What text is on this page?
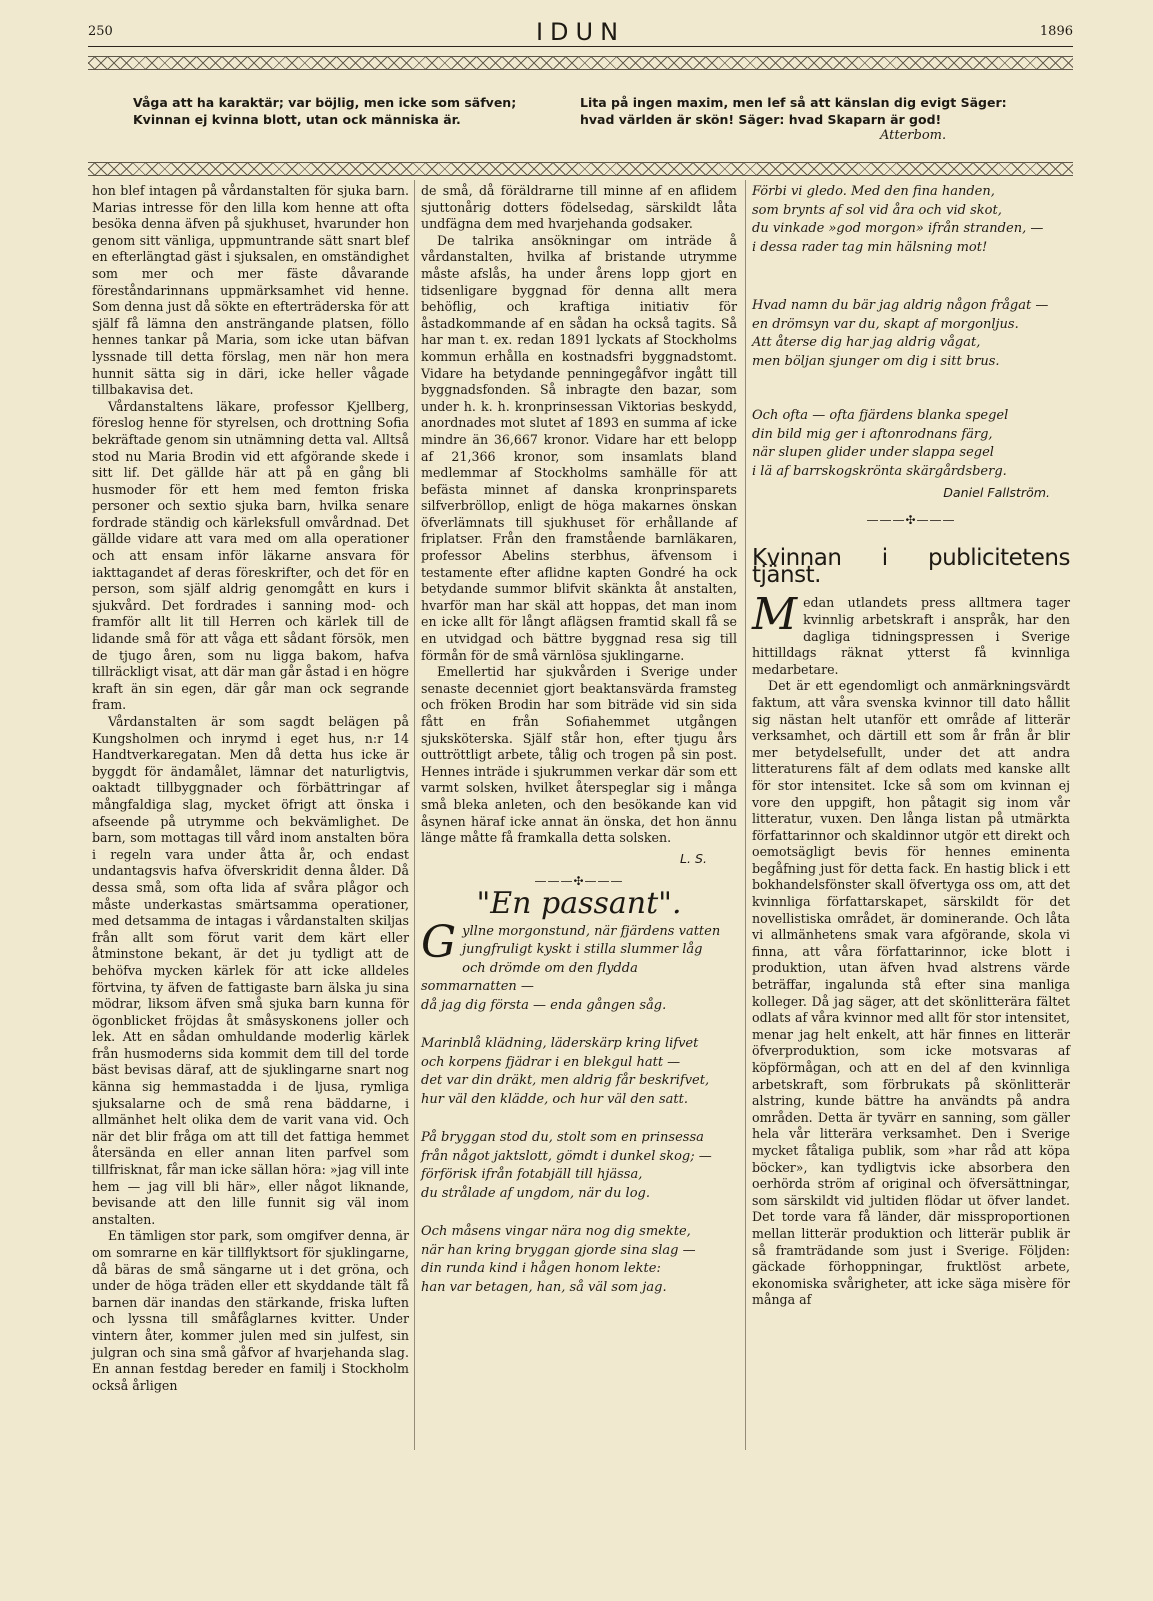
250	IDUN	1896
Våga att ha karaktär; var böjlig, men icke som säfven; Kvinnan ej kvinna blott, utan ock människa är.
Lita på ingen maxim, men lef så att känslan dig evigt Säger: hvad världen är skön! Säger: hvad Skaparn är god!
Atterbom.

hon blef intagen på vårdanstalten för sjuka barn. Marias intresse för den lilla kom henne att ofta besöka denna äfven på sjukhuset, hvarunder hon genom sitt vänliga, uppmuntrande sätt snart blef en efterlängtad gäst i sjuksalen, en omständighet som mer och mer fäste dåvarande föreståndarinnans uppmärksamhet vid henne. Som denna just då sökte en efterträderska för att själf få lämna den ansträngande platsen, föllo hennes tankar på Maria, som icke utan bäfvan lyssnade till detta förslag, men när hon mera hunnit sätta sig in däri, icke heller vågade tillbakavisa det.

Vårdanstaltens läkare, professor Kjellberg, föreslog henne för styrelsen, och drottning Sofia bekräftade genom sin utnämning detta val. Alltså stod nu Maria Brodin vid ett afgörande skede i sitt lif. Det gällde här att på en gång bli husmoder för ett hem med femton friska personer och sextio sjuka barn, hvilka senare fordrade ständig och kärleksfull omvårdnad. Det gällde vidare att vara med om alla operationer och att ensam inför läkarne ansvara för iakttagandet af deras föreskrifter, och det för en person, som själf aldrig genomgått en kurs i sjukvård. Det fordrades i sanning mod- och framför allt lit till Herren och kärlek till de lidande små för att våga ett sådant försök, men de tjugo åren, som nu ligga bakom, hafva tillräckligt visat, att där man går åstad i en högre kraft än sin egen, där går man ock segrande fram.

Vårdanstalten är som sagdt belägen på Kungsholmen och inrymd i eget hus, n:r 14 Handtverkaregatan. Men då detta hus icke är byggdt för ändamålet, lämnar det naturligtvis, oaktadt tillbyggnader och förbättringar af mångfaldiga slag, mycket öfrigt att önska i afseende på utrymme och bekvämlighet. De barn, som mottagas till vård inom anstalten böra i regeln vara under åtta år, och endast undantagsvis hafva öfverskridit denna ålder. Då dessa små, som ofta lida af svåra plågor och måste underkastas smärtsamma operationer, med detsamma de intagas i vårdanstalten skiljas från allt som förut varit dem kärt eller åtminstone bekant, är det ju tydligt att de behöfva mycken kärlek för att icke alldeles förtvina, ty äfven de fattigaste barn älska ju sina mödrar, liksom äfven små sjuka barn kunna för ögonblicket fröjdas åt småsyskonens joller och lek. Att en sådan omhuldande moderlig kärlek från husmoderns sida kommit dem till del torde bäst bevisas däraf, att de sjuklingarne snart nog känna sig hemmastadda i de ljusa, rymliga sjuksalarne och de små rena bäddarne, i allmänhet helt olika dem de varit vana vid. Och när det blir fråga om att till det fattiga hemmet återsända en eller annan liten parfvel som tillfrisknat, får man icke sällan höra: »jag vill inte hem — jag vill bli här», eller något liknande, bevisande att den lille funnit sig väl inom anstalten.

En tämligen stor park, som omgifver denna, är om somrarne en kär tillflyktsort för sjuklingarne, då bäras de små sängarne ut i det gröna, och under de höga träden eller ett skyddande tält få barnen där inandas den stärkande, friska luften och lyssna till småfåglarnes kvitter. Under vintern åter, kommer julen med sin julfest, sin julgran och sina små gåfvor af hvarjehanda slag. En annan festdag bereder en familj i Stockholm också årligen

de små, då föräldrarne till minne af en aflidem sjuttonårig dotters födelsedag, särskildt låta undfägna dem med hvarjehanda godsaker.

De talrika ansökningar om inträde å vårdanstalten, hvilka af bristande utrymme måste afslås, ha under årens lopp gjort en tidsenligare byggnad för denna allt mera behöflig, och kraftiga initiativ för åstadkommande af en sådan ha också tagits. Så har man t. ex. redan 1891 lyckats af Stockholms kommun erhålla en kostnadsfri byggnadstomt. Vidare ha betydande penningegåfvor ingått till byggnadsfonden. Så inbragte den bazar, som under h. k. h. kronprinsessan Viktorias beskydd, anordnades mot slutet af 1893 en summa af icke mindre än 36,667 kronor. Vidare har ett belopp af 21,366 kronor, som insamlats bland medlemmar af Stockholms samhälle för att befästa minnet af danska kronprinsparets silfverbröllop, enligt de höga makarnes önskan öfverlämnats till sjukhuset för erhållande af friplatser. Från den framstående barnläkaren, professor Abelins sterbhus, äfvensom i testamente efter aflidne kapten Gondré ha ock betydande summor blifvit skänkta åt anstalten, hvarför man har skäl att hoppas, det man inom en icke allt för långt aflägsen framtid skall få se en utvidgad och bättre byggnad resa sig till förmån för de små värnlösa sjuklingarne.

Emellertid har sjukvården i Sverige under senaste decenniet gjort beaktansvärda framsteg och fröken Brodin har som biträde vid sin sida fått en från Sofiahemmet utgången sjuksköterska. Själf står hon, efter tjugu års outtröttligt arbete, tålig och trogen på sin post. Hennes inträde i sjukrummen verkar där som ett varmt solsken, hvilket återspeglar sig i många små bleka anleten, och den besökande kan vid åsynen häraf icke annat än önska, det hon ännu länge måtte få framkalla detta solsken.

L. S.
———✣———
"En passant".
G yllne morgonstund, när fjärdens vatten
jungfruligt kyskt i stilla slummer låg
och drömde om den flydda sommarnatten —
då jag dig första — enda gången såg.
Marinblå klädning, läderskärp kring lifvet
och korpens fjädrar i en blekgul hatt —
det var din dräkt, men aldrig får beskrifvet,
hur väl den klädde, och hur väl den satt.
På bryggan stod du, stolt som en prinsessa
från något jaktslott, gömdt i dunkel skog; —
förförisk ifrån fotabjäll till hjässa,
du strålade af ungdom, när du log.
Och måsens vingar nära nog dig smekte,
när han kring bryggan gjorde sina slag —
din runda kind i hågen honom lekte:
han var betagen, han, så väl som jag.
Förbi vi gledo. Med den fina handen,
som brynts af sol vid åra och vid skot,
du vinkade »god morgon» ifrån stranden, —
i dessa rader tag min hälsning mot!
Hvad namn du bär jag aldrig någon frågat —
en drömsyn var du, skapt af morgonljus.
Att återse dig har jag aldrig vågat,
men böljan sjunger om dig i sitt brus.
Och ofta — ofta fjärdens blanka spegel
din bild mig ger i aftonrodnans färg,
när slupen glider under slappa segel
i lä af barrskogskrönta skärgårdsberg.
Daniel Fallström.
———✣———
Kvinnan i publicitetens tjänst.

Medan utlandets press alltmera tager kvinnlig arbetskraft i anspråk, har den dagliga tidningspressen i Sverige hittilldags räknat ytterst få kvinnliga medarbetare.

Det är ett egendomligt och anmärkningsvärdt faktum, att våra svenska kvinnor till dato hållit sig nästan helt utanför ett område af litterär verksamhet, och därtill ett som år från år blir mer betydelsefullt, under det att andra litteraturens fält af dem odlats med kanske allt för stor intensitet. Icke så som om kvinnan ej vore den uppgift, hon påtagit sig inom vår litteratur, vuxen. Den långa listan på utmärkta författarinnor och skaldinnor utgör ett direkt och oemotsägligt bevis för hennes eminenta begåfning just för detta fack. En hastig blick i ett bokhandelsfönster skall öfvertyga oss om, att det kvinnliga författarskapet, särskildt för det novellistiska området, är dominerande. Och låta vi allmänhetens smak vara afgörande, skola vi finna, att våra författarinnor, icke blott i produktion, utan äfven hvad alstrens värde beträffar, ingalunda stå efter sina manliga kolleger. Då jag säger, att det skönlitterära fältet odlats af våra kvinnor med allt för stor intensitet, menar jag helt enkelt, att här finnes en litterär öfverproduktion, som icke motsvaras af köpförmågan, och att en del af den kvinnliga arbetskraft, som förbrukats på skönlitterär alstring, kunde bättre ha användts på andra områden. Detta är tyvärr en sanning, som gäller hela vår litterära verksamhet. Den i Sverige mycket fåtaliga publik, som »har råd att köpa böcker», kan tydligtvis icke absorbera den oerhörda ström af original och öfversättningar, som särskildt vid jultiden flödar ut öfver landet. Det torde vara få länder, där missproportionen mellan litterär produktion och litterär publik är så framträdande som just i Sverige. Följden: gäckade förhoppningar, fruktlöst arbete, ekonomiska svårigheter, att icke säga misère för många af
